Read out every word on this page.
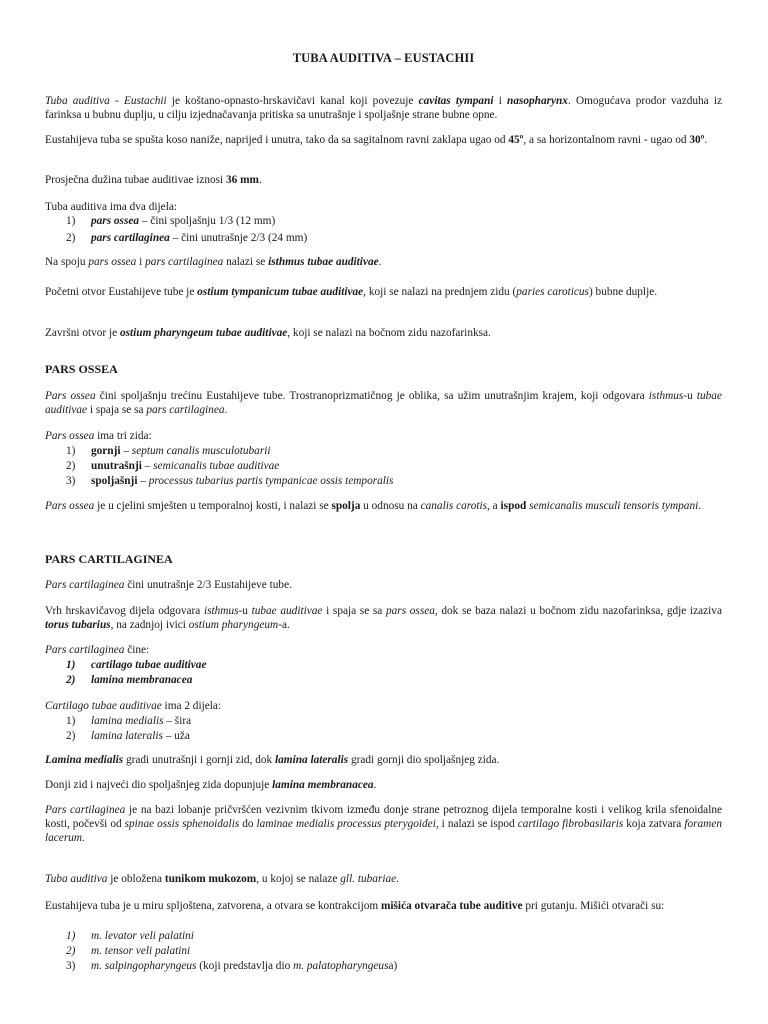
TUBA AUDITIVA – EUSTACHII

Tuba auditiva - Eustachii je koštano-opnasto-hrskavičavi kanal koji povezuje cavitas tympani i nasopharynx. Omogućava prodor vazduha iz farinksa u bubnu duplju, u cilju izjednačavanja pritiska sa unutrašnje i spoljašnje strane bubne opne.

Eustahijeva tuba se spušta koso naniže, naprijed i unutra, tako da sa sagitalnom ravni zaklapa ugao od 45º, a sa horizontalnom ravni - ugao od 30º.

Prosječna dužina tubae auditivae iznosi 36 mm.

Tuba auditiva ima dva dijela:

1) pars ossea – čini spoljašnju 1/3 (12 mm)
2) pars cartilaginea – čini unutrašnje 2/3 (24 mm)

Na spoju pars ossea i pars cartilaginea nalazi se isthmus tubae auditivae.

Početni otvor Eustahijeve tube je ostium tympanicum tubae auditivae, koji se nalazi na prednjem zidu (paries caroticus) bubne duplje.

Završni otvor je ostium pharyngeum tubae auditivae, koji se nalazi na bočnom zidu nazofarinksa.

PARS OSSEA

Pars ossea čini spoljašnju trećinu Eustahijeve tube. Trostranoprizmatičnog je oblika, sa užim unutrašnjim krajem, koji odgovara isthmus-u tubae auditivae i spaja se sa pars cartilaginea.

Pars ossea ima tri zida:

1) gornji – septum canalis musculotubarii
2) unutrašnji – semicanalis tubae auditivae
3) spoljašnji – processus tubarius partis tympanicae ossis temporalis

Pars ossea je u cjelini smješten u temporalnoj kosti, i nalazi se spolja u odnosu na canalis carotis, a ispod semicanalis musculi tensoris tympani.

PARS CARTILAGINEA

Pars cartilaginea čini unutrašnje 2/3 Eustahijeve tube.

Vrh hrskavičavog dijela odgovara isthmus-u tubae auditivae i spaja se sa pars ossea, dok se baza nalazi u bočnom zidu nazofarinksa, gdje izaziva torus tubarius, na zadnjoj ivici ostium pharyngeum-a.

Pars cartilaginea čine:

1) cartilago tubae auditivae
2) lamina membranacea

Cartilago tubae auditivae ima 2 dijela:

1) lamina medialis – šira
2) lamina lateralis – uža

Lamina medialis gradi unutrašnji i gornji zid, dok lamina lateralis gradi gornji dio spoljašnjeg zida.

Donji zid i najveći dio spoljašnjeg zida dopunjuje lamina membranacea.

Pars cartilaginea je na bazi lobanje pričvršćen vezivnim tkivom između donje strane petroznog dijela temporalne kosti i velikog krila sfenoidalne kosti, počevši od spinae ossis sphenoidalis do laminae medialis processus pterygoidei, i nalazi se ispod cartilago fibrobasilaris koja zatvara foramen lacerum.

Tuba auditiva je obložena tunikom mukozom, u kojoj se nalaze gll. tubariae.

Eustahijeva tuba je u miru spljoštena, zatvorena, a otvara se kontrakcijom mišića otvarača tube auditive pri gutanju. Mišići otvarači su:

1) m. levator veli palatini
2) m. tensor veli palatini
3) m. salpingopharyngeus (koji predstavlja dio m. palatopharyngeusa)
